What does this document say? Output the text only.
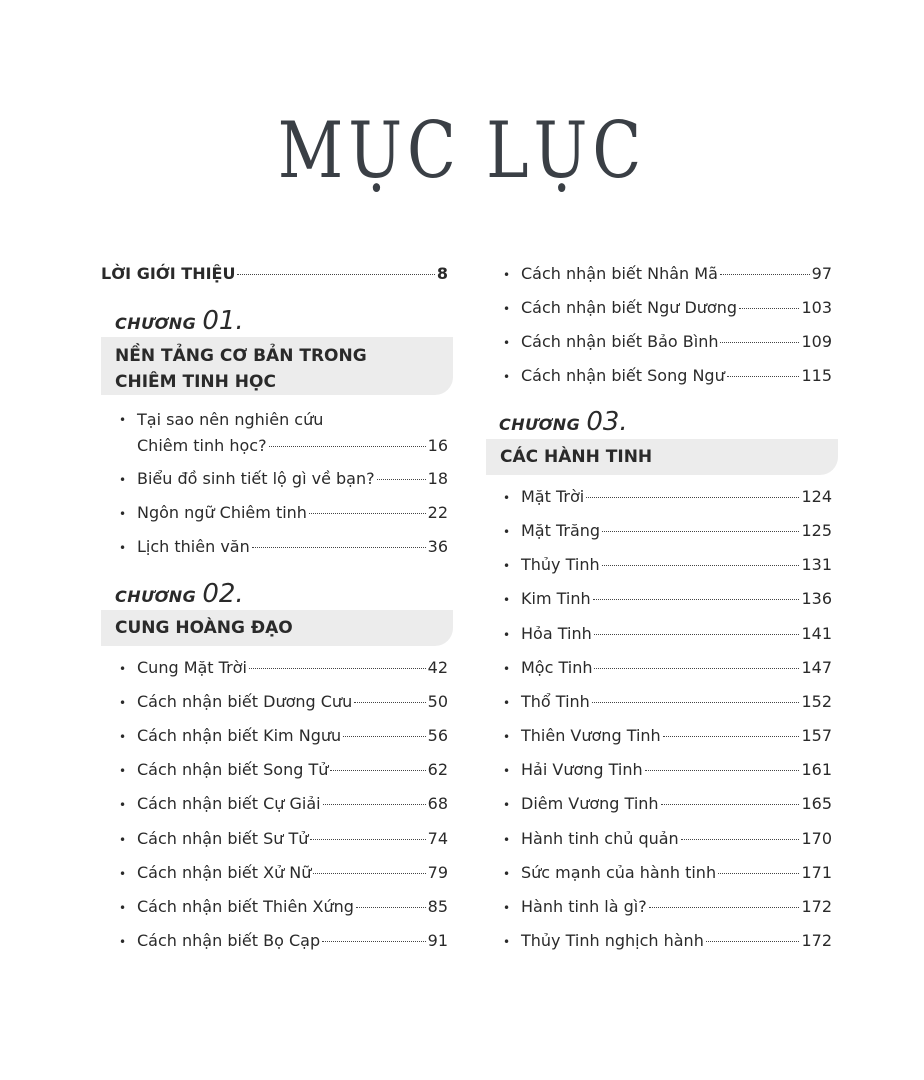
MỤC LỤC
LỜI GIỚI THIỆU	8
CHƯƠNG 01.
NỀN TẢNG CƠ BẢN TRONG
CHIÊM TINH HỌC
• Tại sao nên nghiên cứu
Chiêm tinh học?	16
• Biểu đồ sinh tiết lộ gì về bạn?	18
• Ngôn ngữ Chiêm tinh	22
• Lịch thiên văn	36
CHƯƠNG 02.
CUNG HOÀNG ĐẠO
• Cung Mặt Trời	42
• Cách nhận biết Dương Cưu	50
• Cách nhận biết Kim Ngưu	56
• Cách nhận biết Song Tử	62
• Cách nhận biết Cự Giải	68
• Cách nhận biết Sư Tử	74
• Cách nhận biết Xử Nữ	79
• Cách nhận biết Thiên Xứng	85
• Cách nhận biết Bọ Cạp	91
• Cách nhận biết Nhân Mã	97
• Cách nhận biết Ngư Dương	103
• Cách nhận biết Bảo Bình	109
• Cách nhận biết Song Ngư	115
CHƯƠNG 03.
CÁC HÀNH TINH
• Mặt Trời	124
• Mặt Trăng	125
• Thủy Tinh	131
• Kim Tinh	136
• Hỏa Tinh	141
• Mộc Tinh	147
• Thổ Tinh	152
• Thiên Vương Tinh	157
• Hải Vương Tinh	161
• Diêm Vương Tinh	165
• Hành tinh chủ quản	170
• Sức mạnh của hành tinh	171
• Hành tinh là gì?	172
• Thủy Tinh nghịch hành	172
